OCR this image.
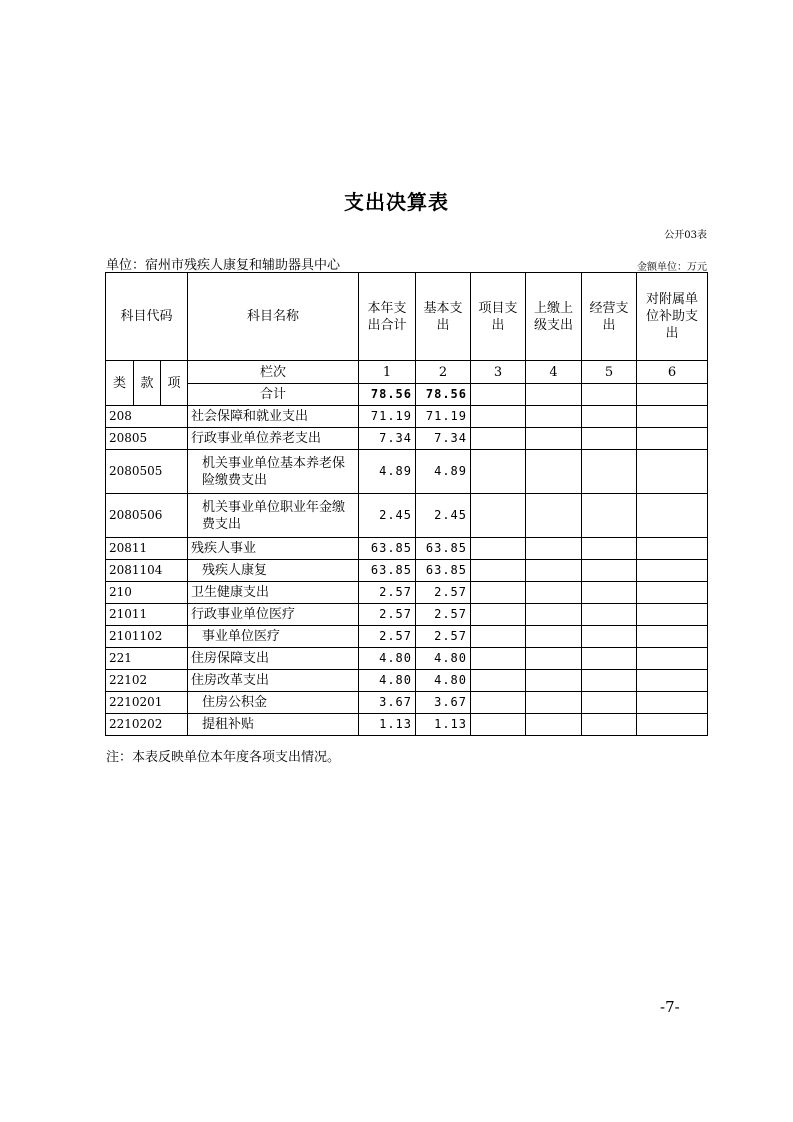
支出决算表
公开03表
单位：宿州市残疾人康复和辅助器具中心	金额单位：万元
科目代码			科目名称	本年支出合计	基本支出	项目支出	上缴上级支出	经营支出	对附属单位补助支出
类	款	项	栏次	1	2	3	4	5	6
			合计	78.56	78.56				
208			社会保障和就业支出	71.19	71.19				
20805			行政事业单位养老支出	7.34	7.34				
2080505			机关事业单位基本养老保险缴费支出	4.89	4.89				
2080506			机关事业单位职业年金缴费支出	2.45	2.45				
20811			残疾人事业	63.85	63.85				
2081104			残疾人康复	63.85	63.85				
210			卫生健康支出	2.57	2.57				
21011			行政事业单位医疗	2.57	2.57				
2101102			事业单位医疗	2.57	2.57				
221			住房保障支出	4.80	4.80				
22102			住房改革支出	4.80	4.80				
2210201			住房公积金	3.67	3.67				
2210202			提租补贴	1.13	1.13				
注：本表反映单位本年度各项支出情况。
-7-
